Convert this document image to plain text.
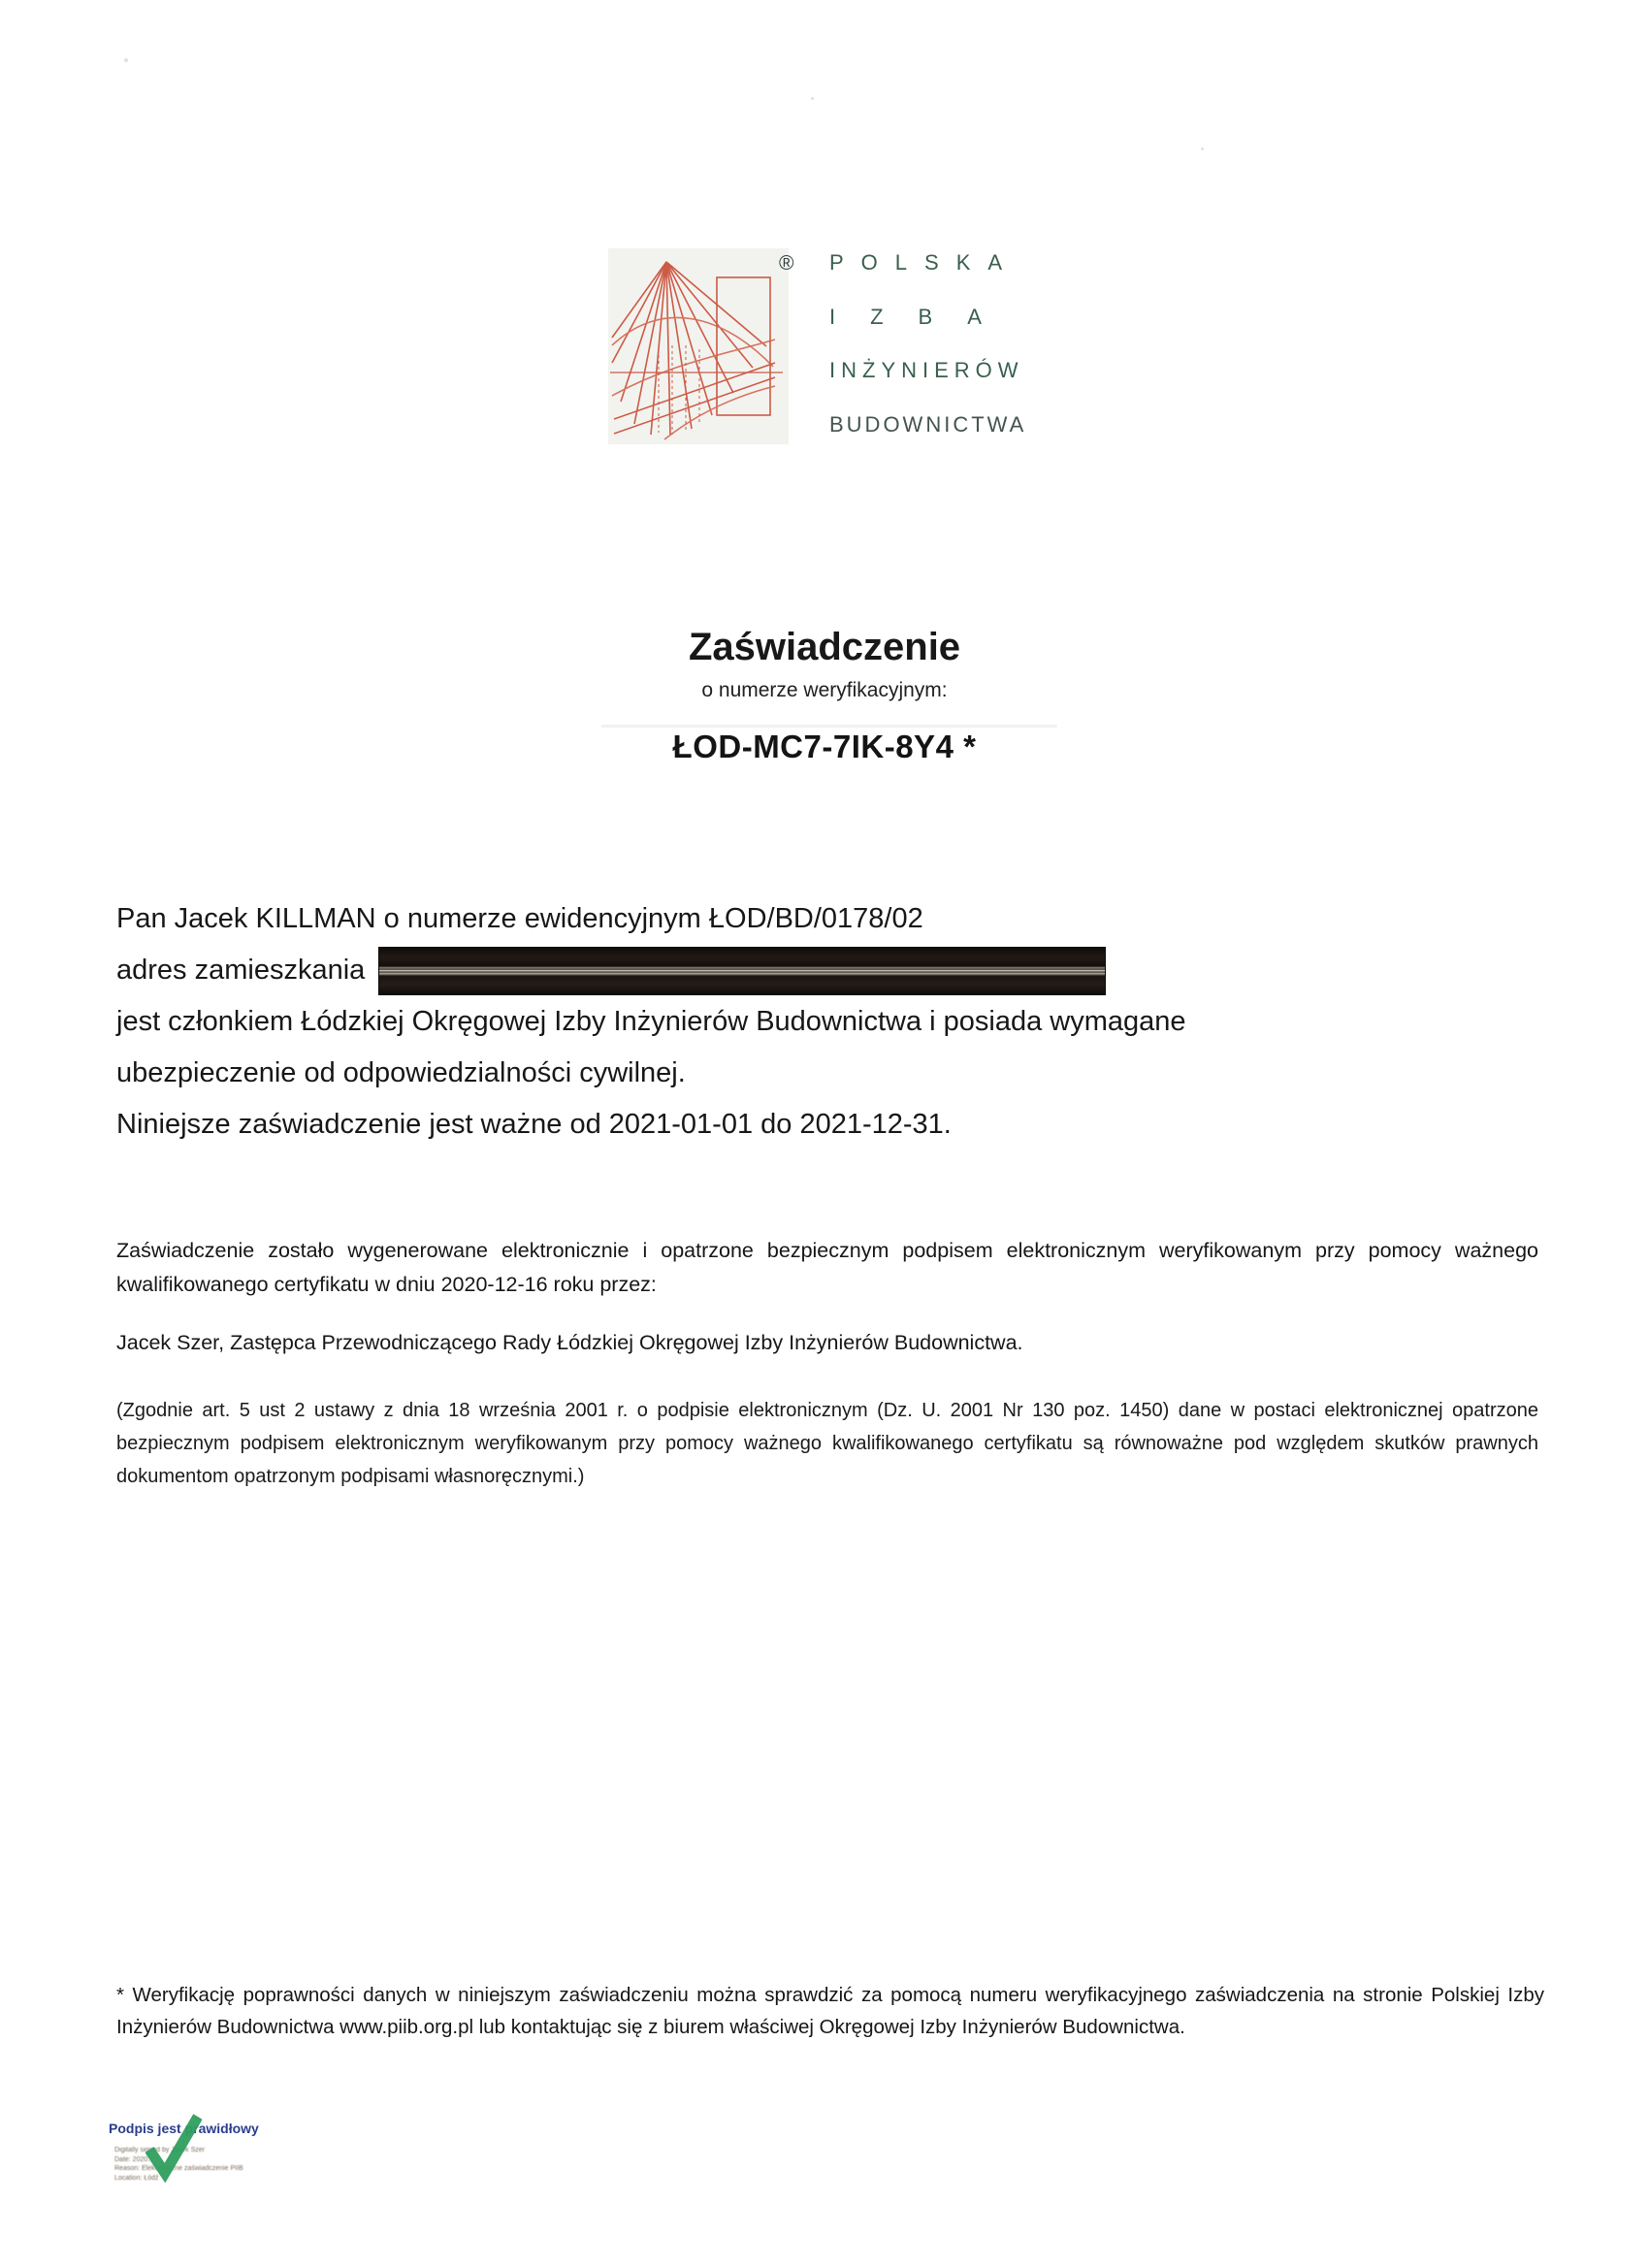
® POLSKA
IZBA
INŻYNIERÓW
BUDOWNICTWA
Zaświadczenie
o numerze weryfikacyjnym:
ŁOD-MC7-7IK-8Y4 *
Pan Jacek KILLMAN o numerze ewidencyjnym ŁOD/BD/0178/02
adres zamieszkania
jest członkiem Łódzkiej Okręgowej Izby Inżynierów Budownictwa i posiada wymagane
ubezpieczenie od odpowiedzialności cywilnej.
Niniejsze zaświadczenie jest ważne od 2021-01-01 do 2021-12-31.
Zaświadczenie zostało wygenerowane elektronicznie i opatrzone bezpiecznym podpisem elektronicznym weryfikowanym przy pomocy ważnego kwalifikowanego certyfikatu w dniu 2020-12-16 roku przez:
Jacek Szer, Zastępca Przewodniczącego Rady Łódzkiej Okręgowej Izby Inżynierów Budownictwa.
(Zgodnie art. 5 ust 2 ustawy z dnia 18 września 2001 r. o podpisie elektronicznym (Dz. U. 2001 Nr 130 poz. 1450) dane w postaci elektronicznej opatrzone bezpiecznym podpisem elektronicznym weryfikowanym przy pomocy ważnego kwalifikowanego certyfikatu są równoważne pod względem skutków prawnych dokumentom opatrzonym podpisami własnoręcznymi.)
* Weryfikację poprawności danych w niniejszym zaświadczeniu można sprawdzić za pomocą numeru weryfikacyjnego zaświadczenia na stronie Polskiej Izby Inżynierów Budownictwa www.piib.org.pl lub kontaktując się z biurem właściwej Okręgowej Izby Inżynierów Budownictwa.
Podpis jest prawidłowy
Digitally signed by Jacek Szer
Date: 2020...
Reason: Elektroniczne zaświadczenie PIIB
Location: Łódź
